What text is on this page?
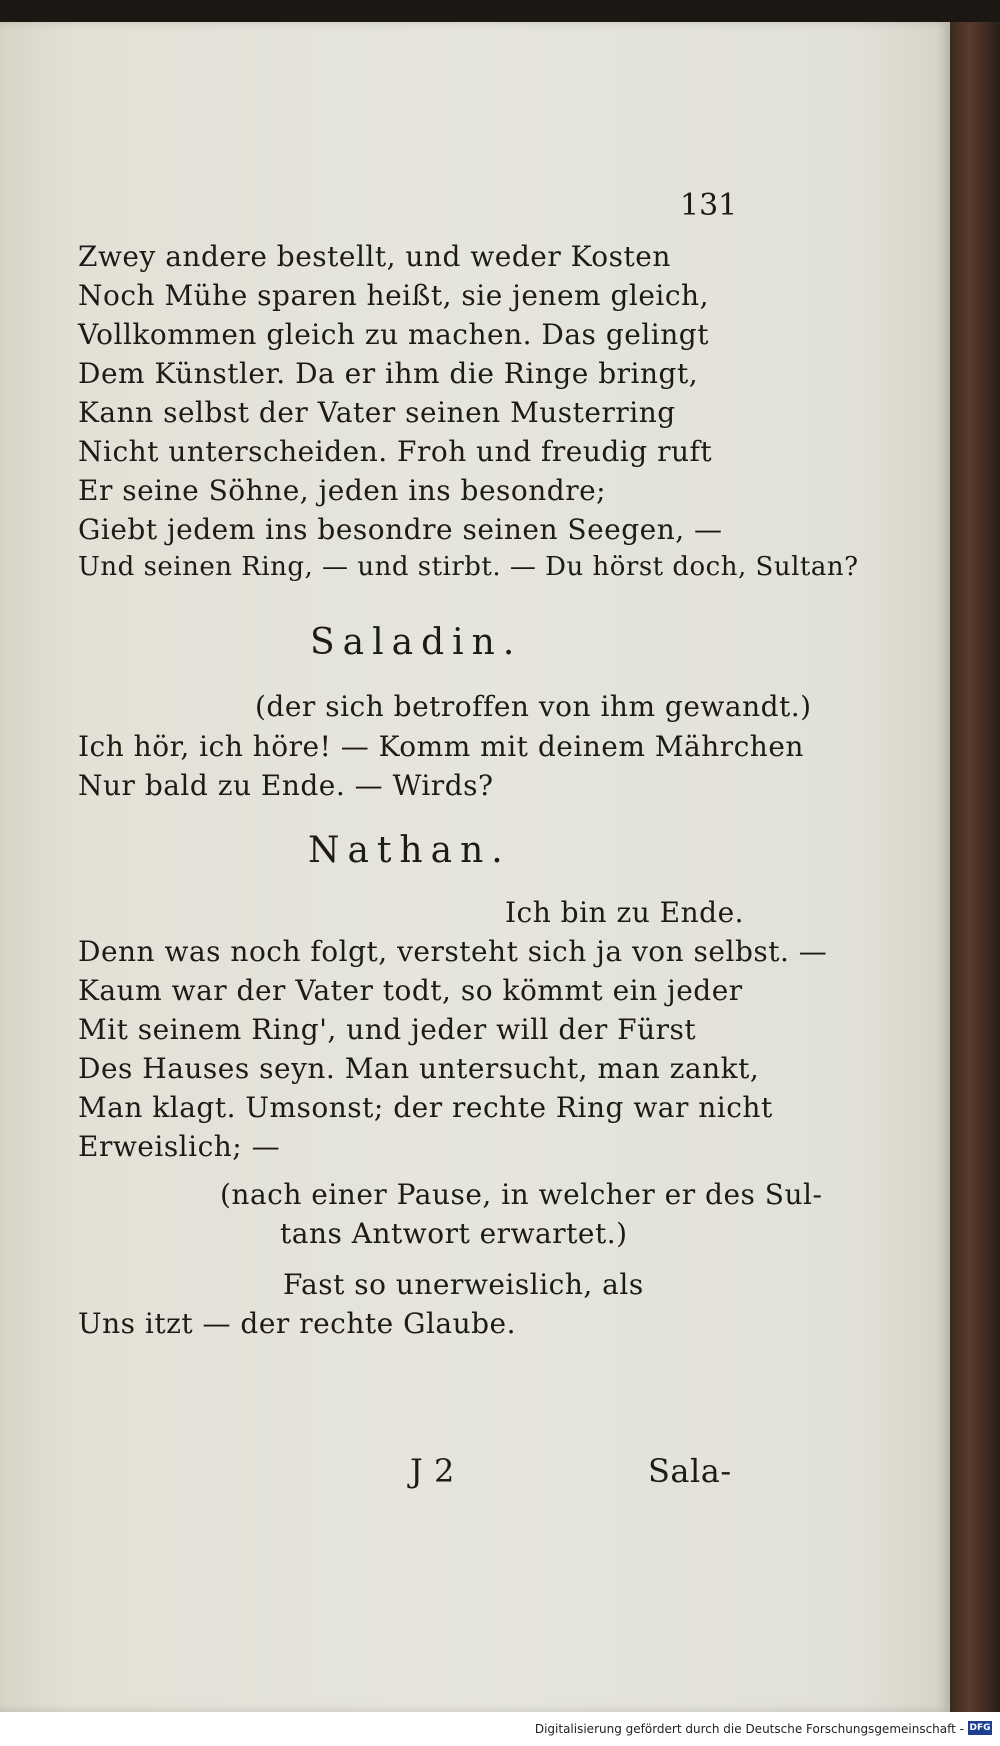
131
Zwey andere bestellt, und weder Kosten
Noch Mühe sparen heißt, sie jenem gleich,
Vollkommen gleich zu machen. Das gelingt
Dem Künstler. Da er ihm die Ringe bringt,
Kann selbst der Vater seinen Musterring
Nicht unterscheiden. Froh und freudig ruft
Er seine Söhne, jeden ins besondre;
Giebt jedem ins besondre seinen Seegen, —
Und seinen Ring, — und stirbt. — Du hörst doch, Sultan?
Saladin.
(der sich betroffen von ihm gewandt.)
Ich hör, ich höre! — Komm mit deinem Mährchen
Nur bald zu Ende. — Wirds?
Nathan.
Ich bin zu Ende.
Denn was noch folgt, versteht sich ja von selbst. —
Kaum war der Vater todt, so kömmt ein jeder
Mit seinem Ring', und jeder will der Fürst
Des Hauses seyn. Man untersucht, man zankt,
Man klagt. Umsonst; der rechte Ring war nicht
Erweislich; —
(nach einer Pause, in welcher er des Sul-
tans Antwort erwartet.)
Fast so unerweislich, als
Uns itzt — der rechte Glaube.
J 2	Sala-
Digitalisierung gefördert durch die Deutsche Forschungsgemeinschaft - DFG
